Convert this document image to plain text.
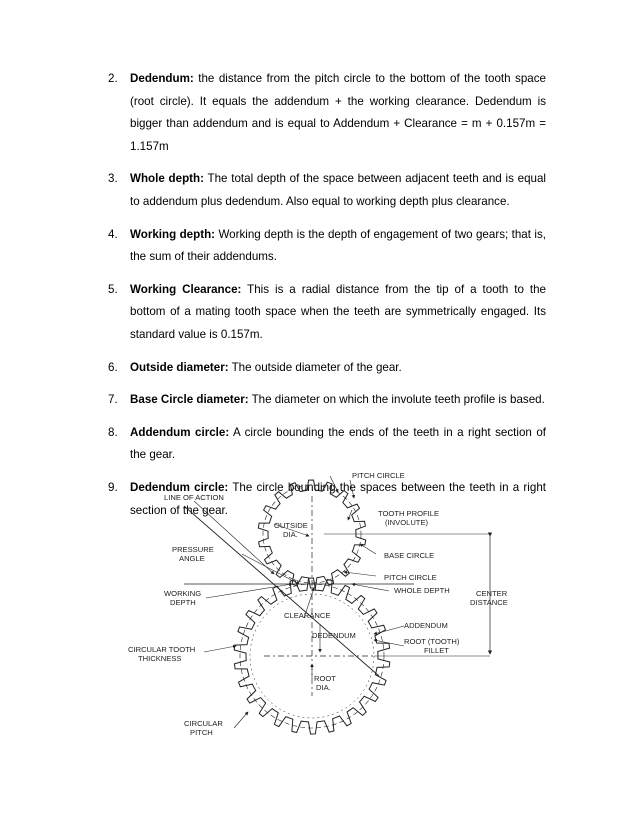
2.	Dedendum: the distance from the pitch circle to the bottom of the tooth space (root circle). It equals the addendum + the working clearance. Dedendum is bigger than addendum and is equal to Addendum + Clearance = m + 0.157m = 1.157m
3.	Whole depth: The total depth of the space between adjacent teeth and is equal to addendum plus dedendum. Also equal to working depth plus clearance.
4.	Working depth: Working depth is the depth of engagement of two gears; that is, the sum of their addendums.
5.	Working Clearance: This is a radial distance from the tip of a tooth to the bottom of a mating tooth space when the teeth are symmetrically engaged. Its standard value is 0.157m.
6.	Outside diameter: The outside diameter of the gear.
7.	Base Circle diameter: The diameter on which the involute teeth profile is based.
8.	Addendum circle: A circle bounding the ends of the teeth in a right section of the gear.
9.	Dedendum circle: The circle bounding the spaces between the teeth in a right section of the gear.
PITCH CIRCLE
LINE OF ACTION
TOOTH PROFILE
(INVOLUTE)
OUTSIDE
DIA.
PRESSURE
ANGLE	BASE CIRCLE
PITCH CIRCLE
WORKING
DEPTH
WHOLE DEPTH	CENTER
DISTANCE
CLEARANCE
ADDENDUM
DEDENDUM
ROOT (TOOTH)
FILLET
CIRCULAR TOOTH
THICKNESS
ROOT
DIA.
CIRCULAR
PITCH
